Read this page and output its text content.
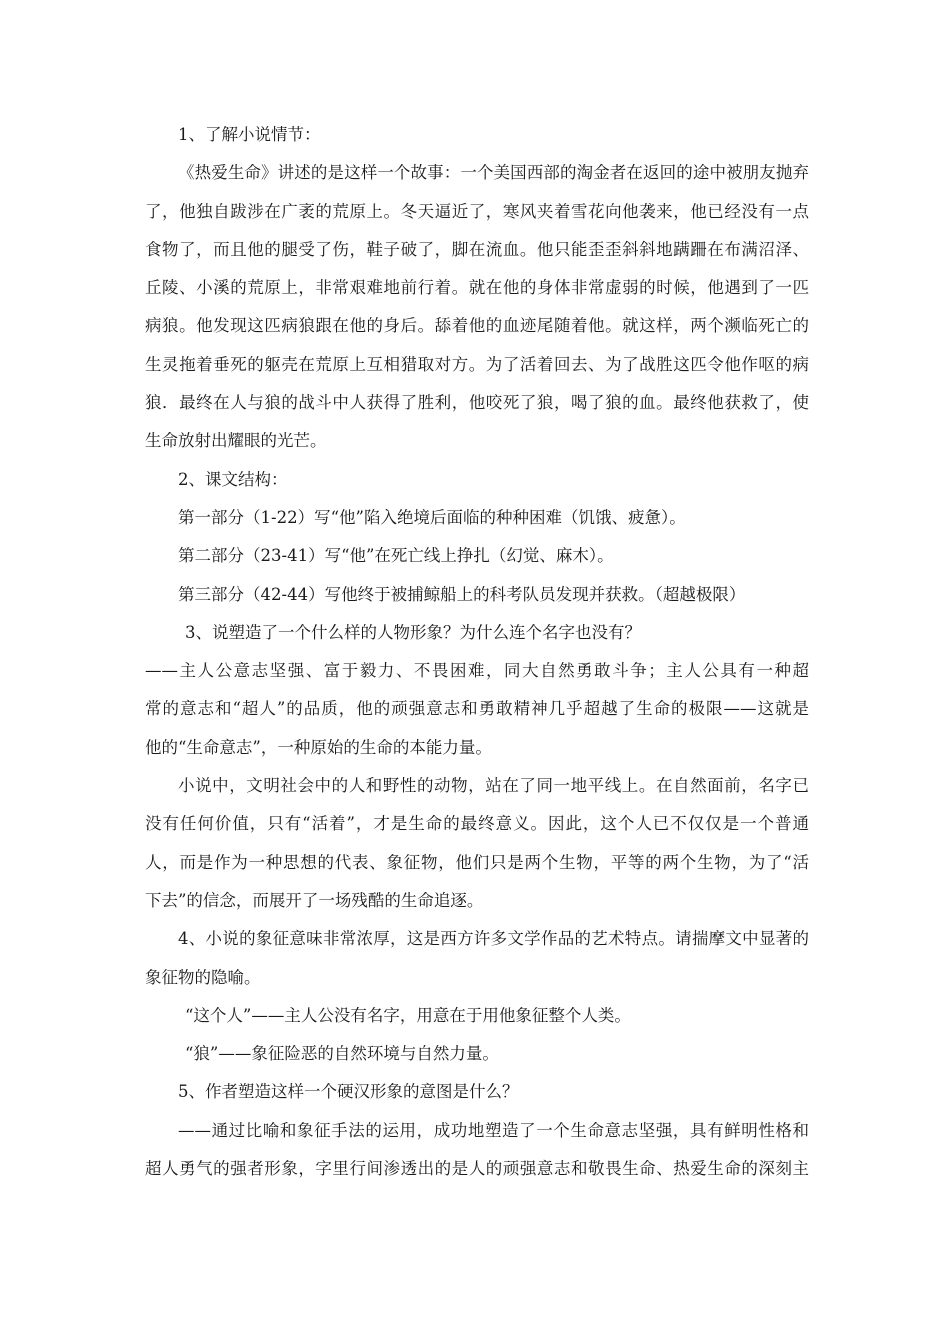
1、了解小说情节：
《热爱生命》讲述的是这样一个故事：一个美国西部的淘金者在返回的途中被朋友抛弃
了，他独自跋涉在广袤的荒原上。冬天逼近了，寒风夹着雪花向他袭来，他已经没有一点
食物了，而且他的腿受了伤，鞋子破了，脚在流血。他只能歪歪斜斜地蹒跚在布满沼泽、
丘陵、小溪的荒原上，非常艰难地前行着。就在他的身体非常虚弱的时候，他遇到了一匹
病狼。他发现这匹病狼跟在他的身后。舔着他的血迹尾随着他。就这样，两个濒临死亡的
生灵拖着垂死的躯壳在荒原上互相猎取对方。为了活着回去、为了战胜这匹令他作呕的病
狼．最终在人与狼的战斗中人获得了胜利，他咬死了狼，喝了狼的血。最终他获救了，使
生命放射出耀眼的光芒。
2、课文结构：
第一部分（1-22）写“他”陷入绝境后面临的种种困难（饥饿、疲惫）。
第二部分（23-41）写“他”在死亡线上挣扎（幻觉、麻木）。
第三部分（42-44）写他终于被捕鲸船上的科考队员发现并获救。（超越极限）
3、说塑造了一个什么样的人物形象？为什么连个名字也没有？
——主人公意志坚强、富于毅力、不畏困难，同大自然勇敢斗争；主人公具有一种超
常的意志和“超人”的品质，他的顽强意志和勇敢精神几乎超越了生命的极限——这就是
他的“生命意志”，一种原始的生命的本能力量。
小说中，文明社会中的人和野性的动物，站在了同一地平线上。在自然面前，名字已
没有任何价值，只有“活着”，才是生命的最终意义。因此，这个人已不仅仅是一个普通
人，而是作为一种思想的代表、象征物，他们只是两个生物，平等的两个生物，为了“活
下去”的信念，而展开了一场残酷的生命追逐。
4、小说的象征意味非常浓厚，这是西方许多文学作品的艺术特点。请揣摩文中显著的
象征物的隐喻。
“这个人”——主人公没有名字，用意在于用他象征整个人类。
“狼”——象征险恶的自然环境与自然力量。
5、作者塑造这样一个硬汉形象的意图是什么？
——通过比喻和象征手法的运用，成功地塑造了一个生命意志坚强，具有鲜明性格和
超人勇气的强者形象，字里行间渗透出的是人的顽强意志和敬畏生命、热爱生命的深刻主
